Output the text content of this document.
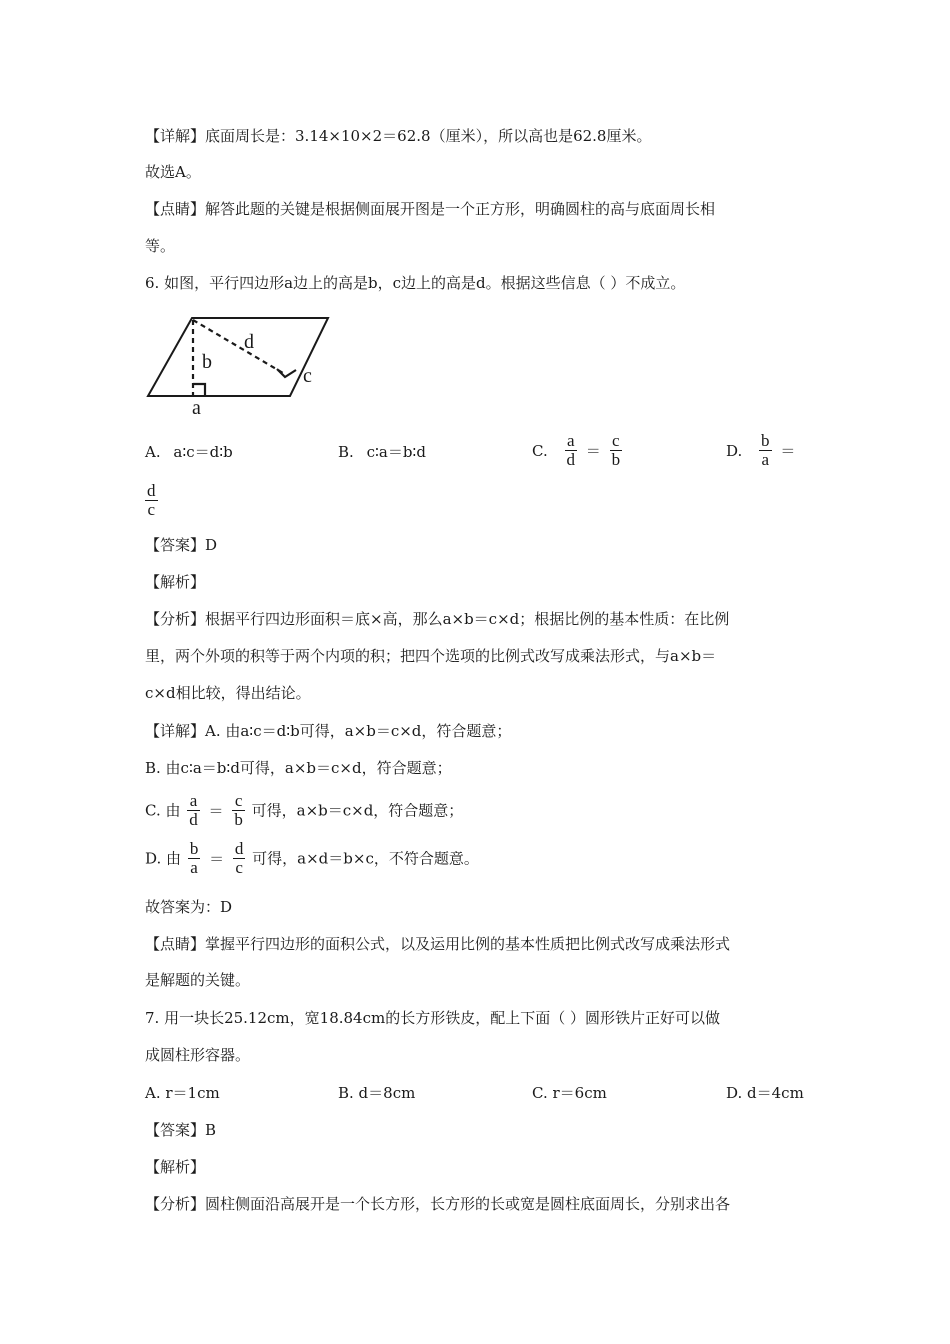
【详解】底面周长是：3.14×10×2＝62.8（厘米），所以高也是62.8厘米。
故选A。
【点睛】解答此题的关键是根据侧面展开图是一个正方形，明确圆柱的高与底面周长相
等。
6. 如图，平行四边形a边上的高是b，c边上的高是d。根据这些信息（ ）不成立。
b
d
c
a
A. a∶c＝d∶b	B. c∶a＝b∶d	C. $\frac{a}{d} = \frac{c}{b}$	D. $\frac{b}{a}$ ＝
$\frac{d}{c}$
【答案】D
【解析】
【分析】根据平行四边形面积＝底×高，那么a×b＝c×d；根据比例的基本性质：在比例
里，两个外项的积等于两个内项的积；把四个选项的比例式改写成乘法形式，与a×b＝
c×d相比较，得出结论。
【详解】A. 由a∶c＝d∶b可得，a×b＝c×d，符合题意；
B. 由c∶a＝b∶d可得，a×b＝c×d，符合题意；
C. 由 $\frac{a}{d} = \frac{c}{b}$ 可得，a×b＝c×d，符合题意；
D. 由 $\frac{b}{a} = \frac{d}{c}$ 可得，a×d＝b×c，不符合题意。
故答案为：D
【点睛】掌握平行四边形的面积公式，以及运用比例的基本性质把比例式改写成乘法形式
是解题的关键。
7. 用一块长25.12cm，宽18.84cm的长方形铁皮，配上下面（ ）圆形铁片正好可以做
成圆柱形容器。
A. r＝1cm	B. d＝8cm	C. r＝6cm	D. d＝4cm
【答案】B
【解析】
【分析】圆柱侧面沿高展开是一个长方形，长方形的长或宽是圆柱底面周长，分别求出各
